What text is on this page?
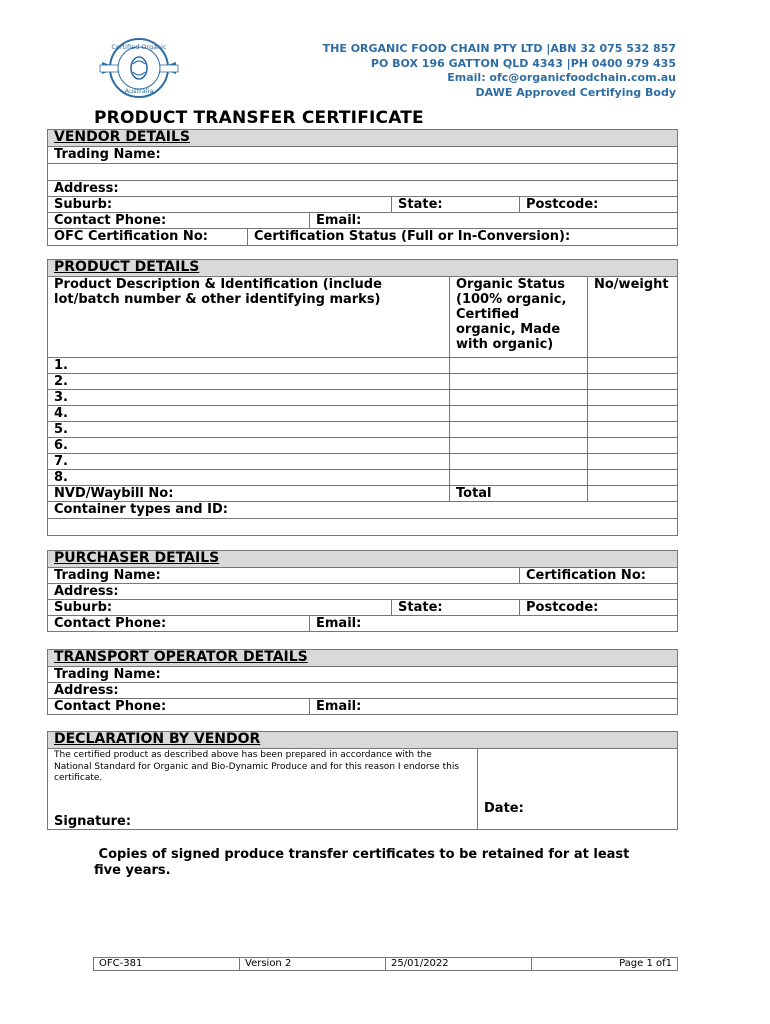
Certified Organic
Australia
THE ORGANIC FOOD CHAIN PTY LTD |ABN 32 075 532 857
PO BOX 196 GATTON QLD 4343 |PH 0400 979 435
Email: ofc@organicfoodchain.com.au
DAWE Approved Certifying Body
PRODUCT TRANSFER CERTIFICATE
VENDOR DETAILS				
Trading Name:				

Address:				
Suburb:			State:	Postcode:
Contact Phone:		Email:		
OFC Certification No:	Certification Status (Full or In-Conversion):			
PRODUCT DETAILS		
Product Description & Identification (include lot/batch number & other identifying marks)	Organic Status (100% organic, Certified organic, Made with organic)	No/weight
1.		
2.		
3.		
4.		
5.		
6.		
7.		
8.		
NVD/Waybill No:	Total	
Container types and ID:		

PURCHASER DETAILS			
Trading Name:			Certification No:
Address:			
Suburb:		State:	Postcode:
Contact Phone:	Email:		
TRANSPORT OPERATOR DETAILS
Trading Name:
Address:
Contact Phone:	Email:
DECLARATION BY VENDOR

The certified product as described above has been prepared in accordance with the National Standard for Organic and Bio-Dynamic Produce and for this reason I endorse this certificate.
Signature:

Date:
Copies of signed produce transfer certificates to be retained for at least five years.
OFC-381	Version 2	25/01/2022	Page 1 of1
